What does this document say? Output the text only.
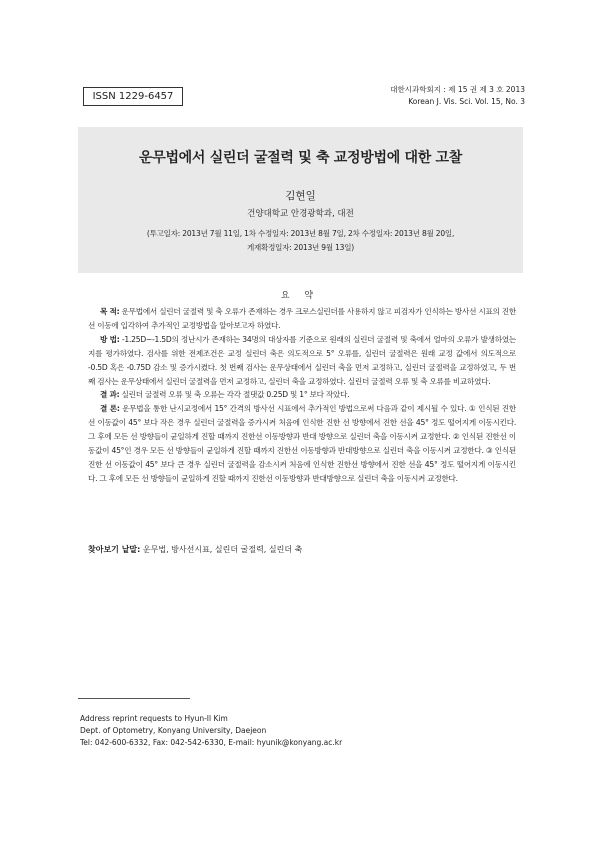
ISSN 1229-6457
대한시과학회지 : 제 15 권 제 3 호 2013
Korean J. Vis. Sci. Vol. 15, No. 3
운무법에서 실린더 굴절력 및 축 교정방법에 대한 고찰
김현일
건양대학교 안경광학과, 대전
(투고일자: 2013년 7월 11일, 1차 수정일자: 2013년 8월 7일, 2차 수정일자: 2013년 8월 20일,
게재확정일자: 2013년 9월 13일)
요 약

목 적: 운무법에서 실린더 굴절력 및 축 오류가 존재하는 경우 크로스실린더를 사용하지 않고 피검자가 인식하는 방사선 시표의 진한선 이동에 입각하여 추가적인 교정방법을 알아보고자 하였다.

방 법: -1.25D~-1.5D의 정난시가 존재하는 34명의 대상자를 기준으로 원래의 실린더 굴절력 및 축에서 얼마의 오류가 발생하였는지를 평가하였다. 검사를 위한 전제조건은 교정 실린더 축은 의도적으로 5° 오류를, 실린더 굴절력은 원래 교정 값에서 의도적으로 -0.5D 혹은 -0.75D 감소 및 증가시켰다. 첫 번째 검사는 운무상태에서 실린더 축을 먼저 교정하고, 실린더 굴절력을 교정하였고, 두 번째 검사는 운무상태에서 실린더 굴절력을 먼저 교정하고, 실린더 축을 교정하였다. 실린더 굴절력 오류 및 축 오류를 비교하였다.

결 과: 실린더 굴절력 오류 및 축 오류는 각각 절댓값 0.25D 및 1° 보다 작았다.

결 론: 운무법을 통한 난시교정에서 15° 간격의 방사선 시표에서 추가적인 방법으로써 다음과 같이 제시될 수 있다. ① 인식된 진한 선 이동값이 45° 보다 작은 경우 실린더 굴절력을 증가시켜 처음에 인식한 진한 선 방향에서 진한 선을 45° 정도 떨어지게 이동시킨다. 그 후에 모든 선 방향들이 균일하게 진할 때까지 진한선 이동방향과 반대 방향으로 실린더 축을 이동시켜 교정한다. ② 인식된 진한선 이동값이 45°인 경우 모든 선 방향들이 균일하게 진할 때까지 진한선 이동방향과 반대방향으로 실린더 축을 이동시켜 교정한다. ③ 인식된 진한 선 이동값이 45° 보다 큰 경우 실린더 굴절력을 감소시켜 처음에 인식한 진한선 방향에서 진한 선을 45° 정도 떨어지게 이동시킨다. 그 후에 모든 선 방향들이 균일하게 진할 때까지 진한선 이동방향과 반대방향으로 실린더 축을 이동시켜 교정한다.

찾아보기 낱말: 운무법, 방사선시표, 실린더 굴절력, 실린더 축
Address reprint requests to Hyun-Il Kim
Dept. of Optometry, Konyang University, Daejeon
Tel: 042-600-6332, Fax: 042-542-6330, E-mail: hyunik@konyang.ac.kr
